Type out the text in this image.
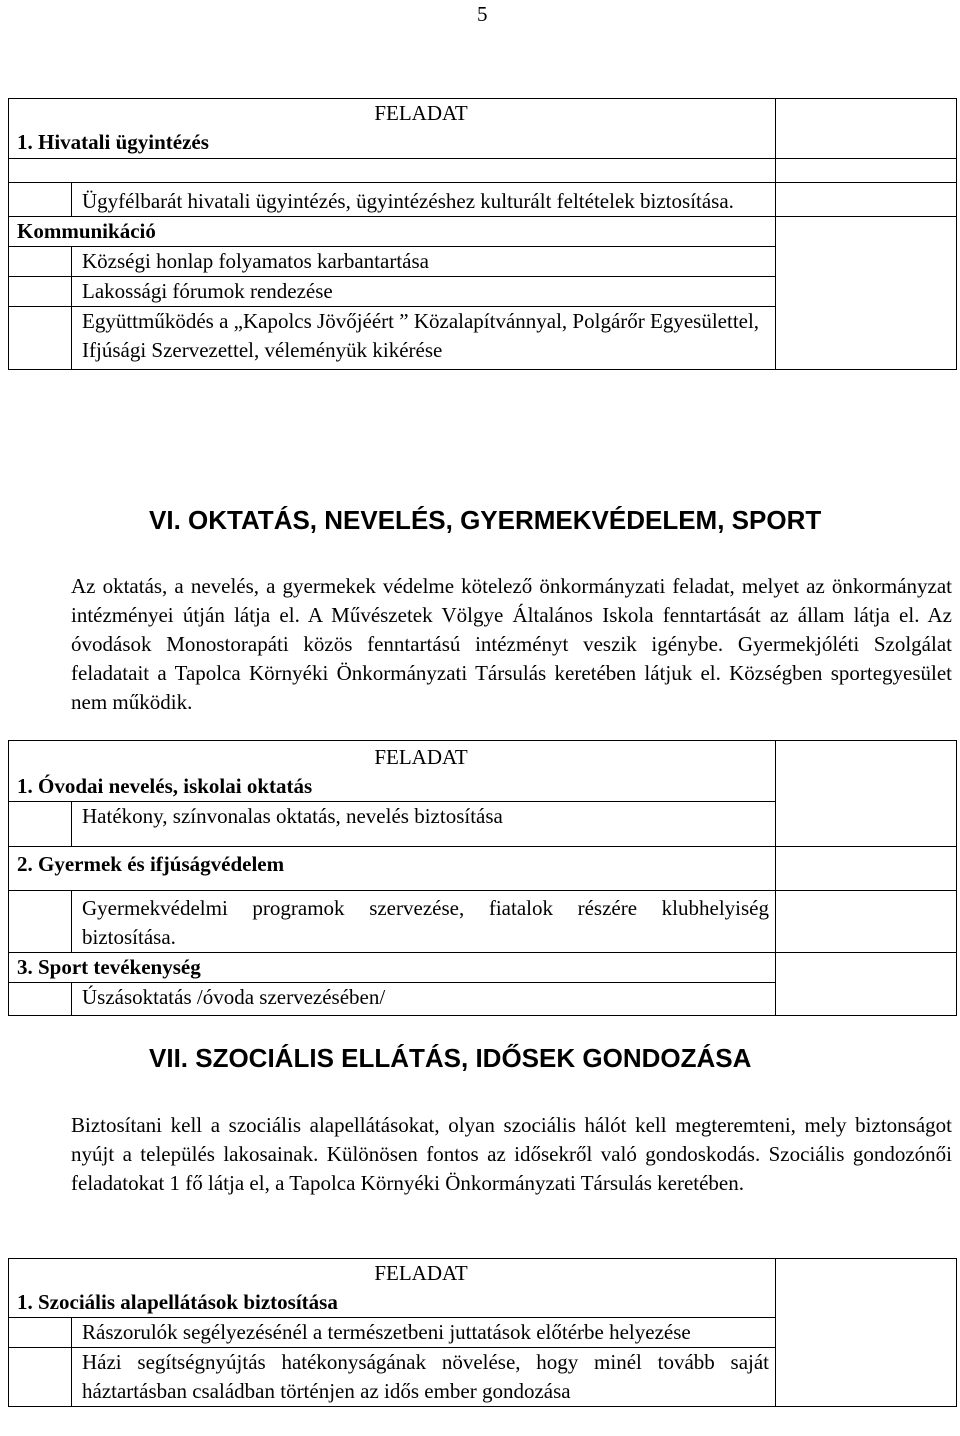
5
FELADAT
1. Hivatali ügyintézés		

	Ügyfélbarát hivatali ügyintézés, ügyintézéshez kulturált feltételek biztosítása.	
Kommunikáció		
	Községi honlap folyamatos karbantartása	
	Lakossági fórumok rendezése	
	Együttműködés a „Kapolcs Jövőjéért ” Közalapítvánnyal, Polgárőr Egyesülettel, Ifjúsági Szervezettel, véleményük kikérése	
VI. OKTATÁS, NEVELÉS, GYERMEKVÉDELEM, SPORT
Az oktatás, a nevelés, a gyermekek védelme kötelező önkormányzati feladat, melyet az önkormányzat intézményei útján látja el. A Művészetek Völgye Általános Iskola fenntartását az állam látja el. Az óvodások Monostorapáti közös fenntartású intézményt veszik igénybe. Gyermekjóléti Szolgálat feladatait a Tapolca Környéki Önkormányzati Társulás keretében látjuk el. Községben sportegyesület nem működik.
FELADAT
1. Óvodai nevelés, iskolai oktatás		

	Hatékony, színvonalas oktatás, nevelés biztosítása	
2. Gyermek és ifjúságvédelem		
	Gyermekvédelmi programok szervezése, fiatalok részére klubhelyiség biztosítása.	
3. Sport tevékenység		
	Úszásoktatás /óvoda szervezésében/	
VII. SZOCIÁLIS ELLÁTÁS, IDŐSEK GONDOZÁSA
Biztosítani kell a szociális alapellátásokat, olyan szociális hálót kell megteremteni, mely biztonságot nyújt a település lakosainak. Különösen fontos az idősekről való gondoskodás. Szociális gondozónői feladatokat 1 fő látja el, a Tapolca Környéki Önkormányzati Társulás keretében.
FELADAT
1. Szociális alapellátások biztosítása		

	Rászorulók segélyezésénél a természetbeni juttatások előtérbe helyezése	
	Házi segítségnyújtás hatékonyságának növelése, hogy minél tovább saját háztartásban családban történjen az idős ember gondozása	
